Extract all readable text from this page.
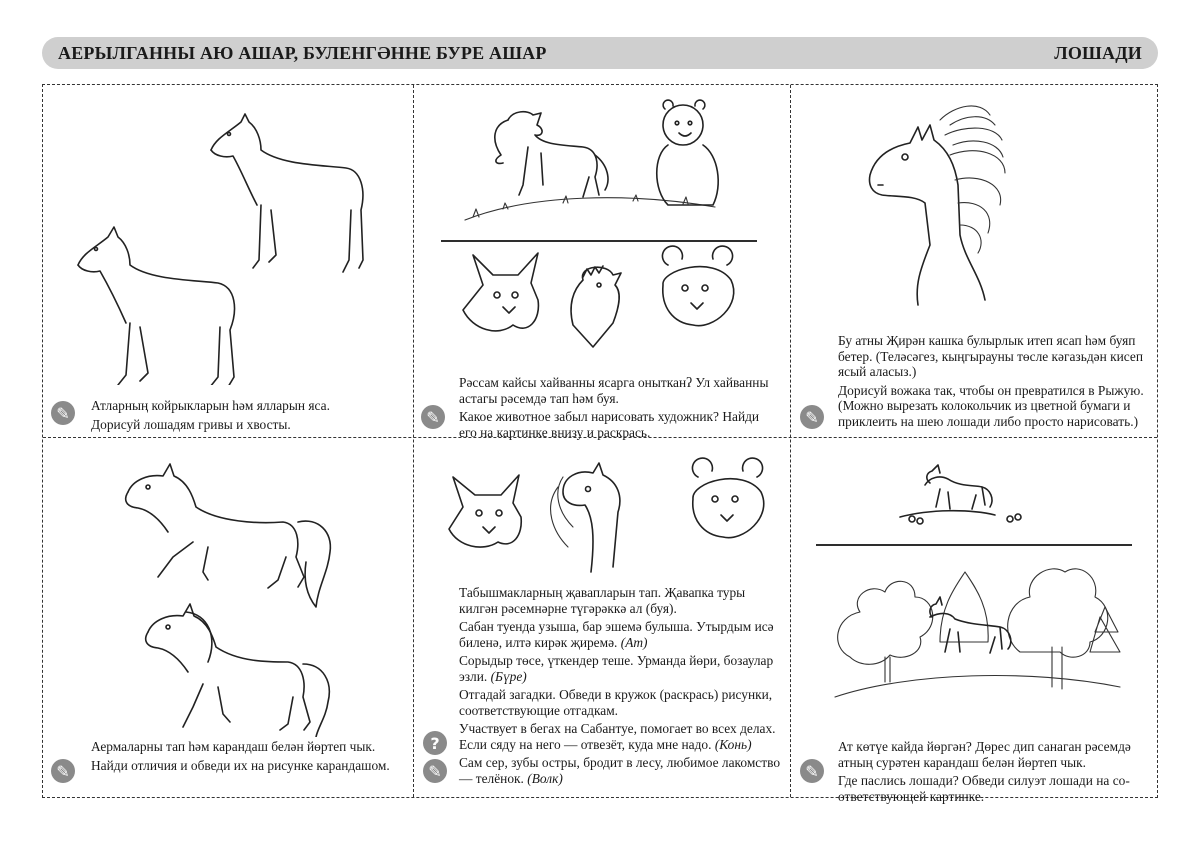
АЕРЫЛГАННЫ АЮ АШАР, БУЛЕНГӘННЕ БУРЕ АШАР	ЛОШАДИ
✎	Атларның койрыкларын һәм ялларын яса.

Дорисуй лошадям гривы и хвосты.	✎

Рәссам кайсы хайванны ясарга онытканʔ Ул хайванны астагы рәсемдә тап һәм буя.

Какое животное забыл нарисовать художник? Найди его на картинке внизу и раскрась.

✎

Бу атны Җирән кашка булырлык итеп ясап һәм буяп бетер. (Теләсәгез, кыңгырауны төсле кәгазьдән кисеп ясый аласыз.)

Дорисуй вожака так, чтобы он превратился в Рыжую. (Можно вырезать колокольчик из цветной бумаги и приклеить на шею лошади либо просто нарисовать.)

✎

Аермаларны тап һәм карандаш белән йөртеп чык.

Найди отличия и обведи их на рисунке карандашом.

Табышмакларның җавапларын тап. Җавапка туры килгән рәсемнәрне түгәрәккә ал (буя).

Сабан туенда узыша, бар эшемә булыша. Утырдым исә биленә, илтә кирәк җиремә. (Ат)

Сорыдыр төсе, үткендер теше. Урманда йөри, бозаулар эзли. (Бүре)

Отгадай загадки. Обведи в кружок (раскрась) рисунки, соответствующие отгадкам.

Участвует в бегах на Сабантуе, помогает во всех делах. Если сяду на него — отвезёт, куда мне надо. (Конь)

Сам сер, зубы остры, бродит в лесу, любимое лакомство — телёнок. (Волк)

?
✎	✎

Ат көтүе кайда йөргән? Дөрес дип санаган рәсемдә атның сурәтен карандаш белән йөртеп чык.

Где паслись лошади? Обведи силуэт лошади на соответствующей картинке.
